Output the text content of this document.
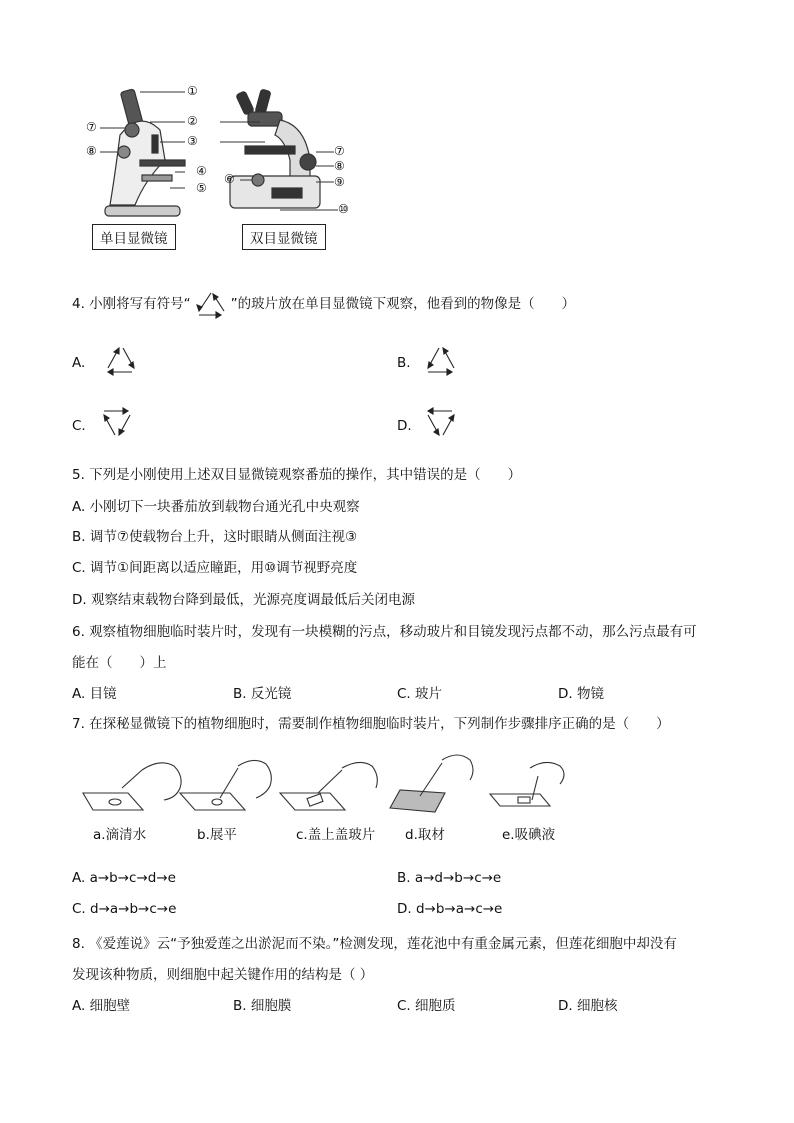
①
②
③
④
⑤
⑦
⑧	⑦
⑧
⑨
⑩
⑥
单目显微镜	双目显微镜
4. 小刚将写有符号“	”的玻片放在单目显微镜下观察，他看到的物像是（　　）
A.	B.
C.	D.
5. 下列是小刚使用上述双目显微镜观察番茄的操作，其中错误的是（　　）
A. 小刚切下一块番茄放到载物台通光孔中央观察
B. 调节⑦使载物台上升，这时眼睛从侧面注视③
C. 调节①间距离以适应瞳距，用⑩调节视野亮度
D. 观察结束载物台降到最低，光源亮度调最低后关闭电源
6. 观察植物细胞临时装片时，发现有一块模糊的污点，移动玻片和目镜发现污点都不动，那么污点最有可
能在（　　）上
A. 目镜	B. 反光镜	C. 玻片	D. 物镜
7. 在探秘显微镜下的植物细胞时，需要制作植物细胞临时装片，下列制作步骤排序正确的是（　　）
a.滴清水	b.展平	c.盖上盖玻片 d.取材	e.吸碘液
A. a→b→c→d→e	B. a→d→b→c→e
C. d→a→b→c→e	D. d→b→a→c→e
8. 《爱莲说》云“予独爱莲之出淤泥而不染。”检测发现，莲花池中有重金属元素，但莲花细胞中却没有
发现该种物质，则细胞中起关键作用的结构是（ ）
A. 细胞壁	B. 细胞膜	C. 细胞质	D. 细胞核
